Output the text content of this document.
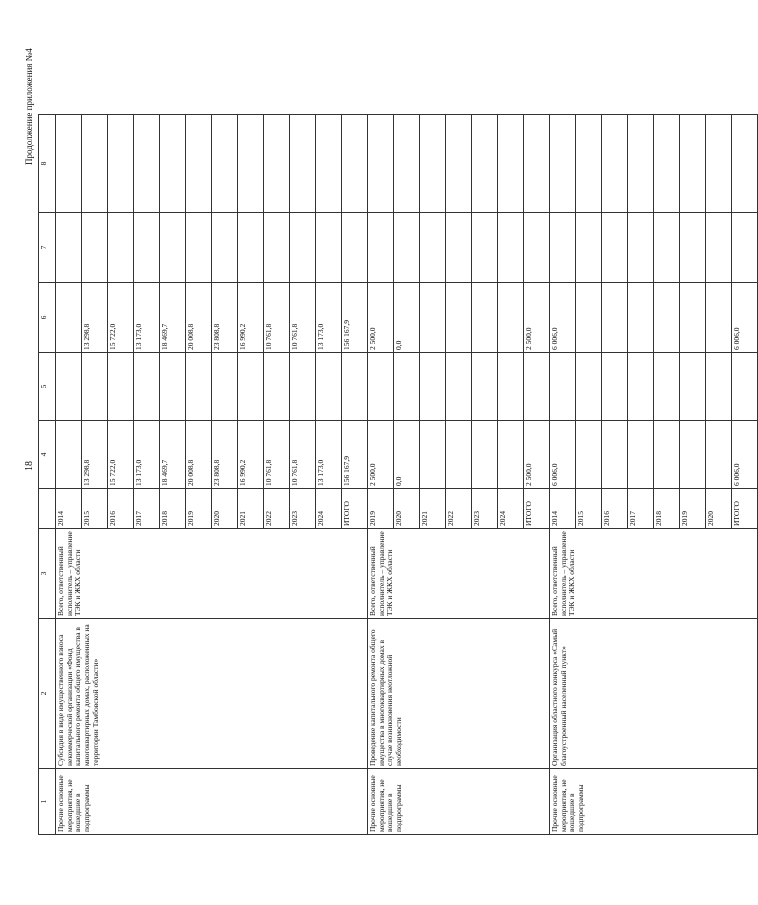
18
Продолжение приложения №4
1	2	3		4	5	6	7	8
Прочие основные мероприятия, не вошедшие в подпрограммы	Субсидия в виде имущественного взноса некоммерческой организации «Фонд капитального ремонта общего имущества в многоквартирных домах, расположенных на территории Тамбовской области»	Всего, ответственный исполнитель – управление ТЭК и ЖКХ области	2014					
			2015	13 298,8		13 298,8		
			2016	15 722,0		15 722,0		
			2017	13 173,0		13 173,0		
			2018	18 469,7		18 469,7		
			2019	20 008,8		20 008,8		
			2020	23 808,8		23 808,8		
			2021	16 990,2		16 990,2		
			2022	10 761,8		10 761,8		
			2023	10 761,8		10 761,8		
			2024	13 173,0		13 173,0		
			ИТОГО	156 167,9		156 167,9		
Прочие основные мероприятия, не вошедшие в подпрограммы	Проведение капитального ремонта общего имущества в многоквартирных домах в случае возникновения неотложной необходимости	Всего, ответственный исполнитель – управление ТЭК и ЖКХ области	2019	2 500,0		2 500,0		
			2020	0,0		0,0		
			2021					
			2022					
			2023					
			2024					
			ИТОГО	2 500,0		2 500,0		
Прочие основные мероприятия, не вошедшие в подпрограммы	Организация областного конкурса «Самый благоустроенный населенный пункт»	Всего, ответственный исполнитель – управление ТЭК и ЖКХ области	2014	6 006,0		6 006,0		
			2015					
			2016					
			2017					
			2018					
			2019					
			2020					
			ИТОГО	6 006,0		6 006,0		
